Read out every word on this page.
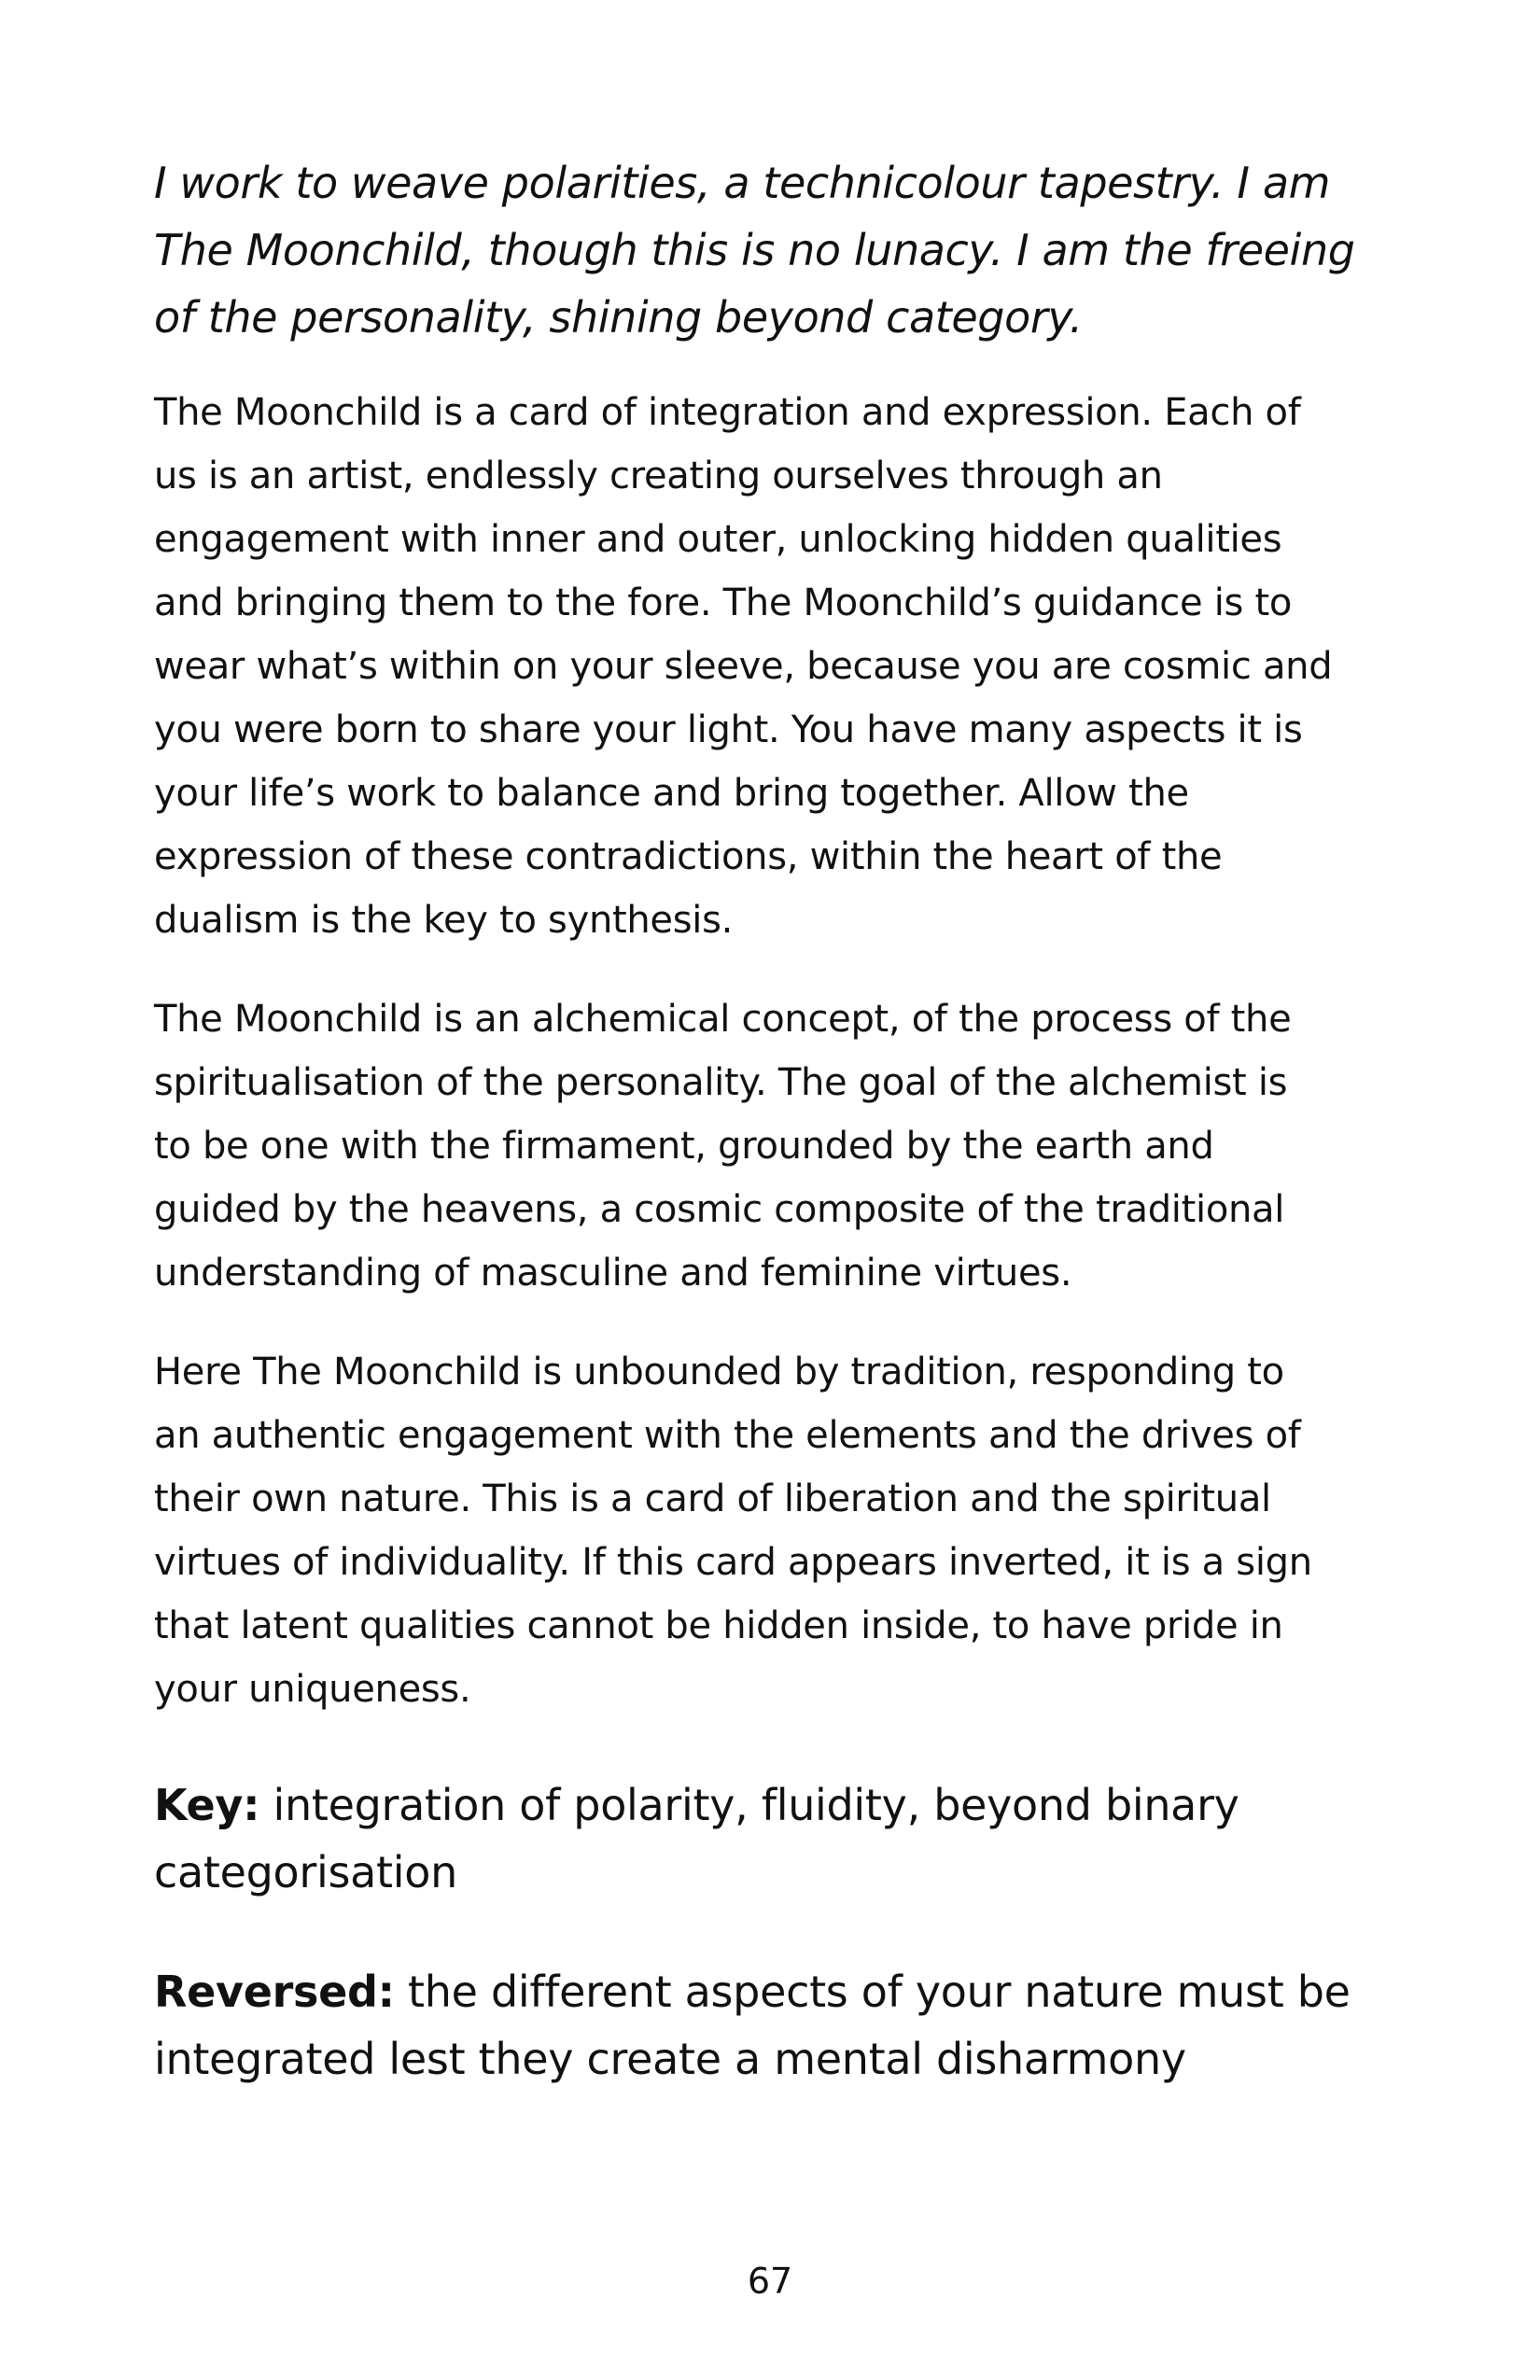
I work to weave polarities, a technicolour tapestry. I am
The Moonchild, though this is no lunacy. I am the freeing
of the personality, shining beyond category.
The Moonchild is a card of integration and expression. Each of
us is an artist, endlessly creating ourselves through an
engagement with inner and outer, unlocking hidden qualities
and bringing them to the fore. The Moonchild’s guidance is to
wear what’s within on your sleeve, because you are cosmic and
you were born to share your light. You have many aspects it is
your life’s work to balance and bring together. Allow the
expression of these contradictions, within the heart of the
dualism is the key to synthesis.
The Moonchild is an alchemical concept, of the process of the
spiritualisation of the personality. The goal of the alchemist is
to be one with the firmament, grounded by the earth and
guided by the heavens, a cosmic composite of the traditional
understanding of masculine and feminine virtues.
Here The Moonchild is unbounded by tradition, responding to
an authentic engagement with the elements and the drives of
their own nature. This is a card of liberation and the spiritual
virtues of individuality. If this card appears inverted, it is a sign
that latent qualities cannot be hidden inside, to have pride in
your uniqueness.
Key: integration of polarity, fluidity, beyond binary
categorisation
Reversed: the different aspects of your nature must be
integrated lest they create a mental disharmony
67
